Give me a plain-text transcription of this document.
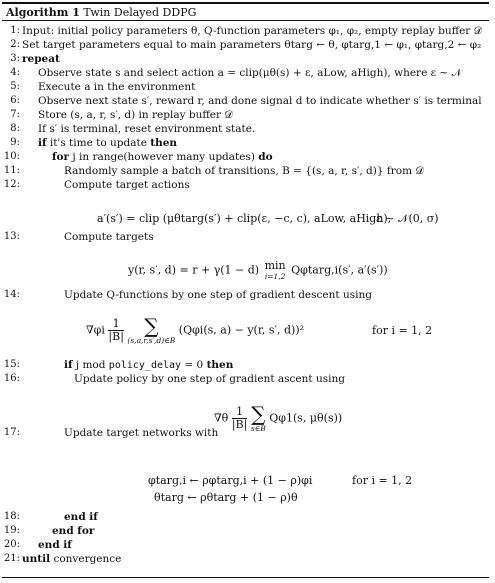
Algorithm 1 Twin Delayed DDPG
1: Input: initial policy parameters θ, Q-function parameters φ₁, φ₂, empty replay buffer 𝒟
2: Set target parameters equal to main parameters θtarg ← θ, φtarg,1 ← φ₁, φtarg,2 ← φ₂
3: repeat
4: Observe state s and select action a = clip(μθ(s) + ε, aLow, aHigh), where ε ∼ 𝒩
5: Execute a in the environment
6: Observe next state s′, reward r, and done signal d to indicate whether s′ is terminal
7: Store (s, a, r, s′, d) in replay buffer 𝒟
8: If s′ is terminal, reset environment state.
9: if it's time to update then
10:	for j in range(however many updates) do
11:	Randomly sample a batch of transitions, B = {(s, a, r, s′, d)} from 𝒟
12:	Compute target actions
13:	Compute targets
14:	Update Q-functions by one step of gradient descent using
15:	if j mod policy_delay = 0 then
16:	Update policy by one step of gradient ascent using
17:	Update target networks with
18:	end if
19:	end for
20: end if
21: until convergence
a′(s′) = clip (μθtarg(s′) + clip(ε, −c, c), aLow, aHigh),
ε ∼ 𝒩(0, σ)
y(r, s′, d) = r + γ(1 − d) min
i=1,2 Qφtarg,i(s′, a′(s′))
$\nabla\varphi i \frac{1}{|B|}$
	∑
(s,a,r,s′,d)∈B
(Qφi(s, a) − y(r, s′, d))²	for i = 1, 2
$\nabla\theta \frac{1}{|B|}$
∑
s∈B
Qφ1(s, μθ(s))
φtarg,i ← ρφtarg,i + (1 − ρ)φi	for i = 1, 2
θtarg ← ρθtarg + (1 − ρ)θ
